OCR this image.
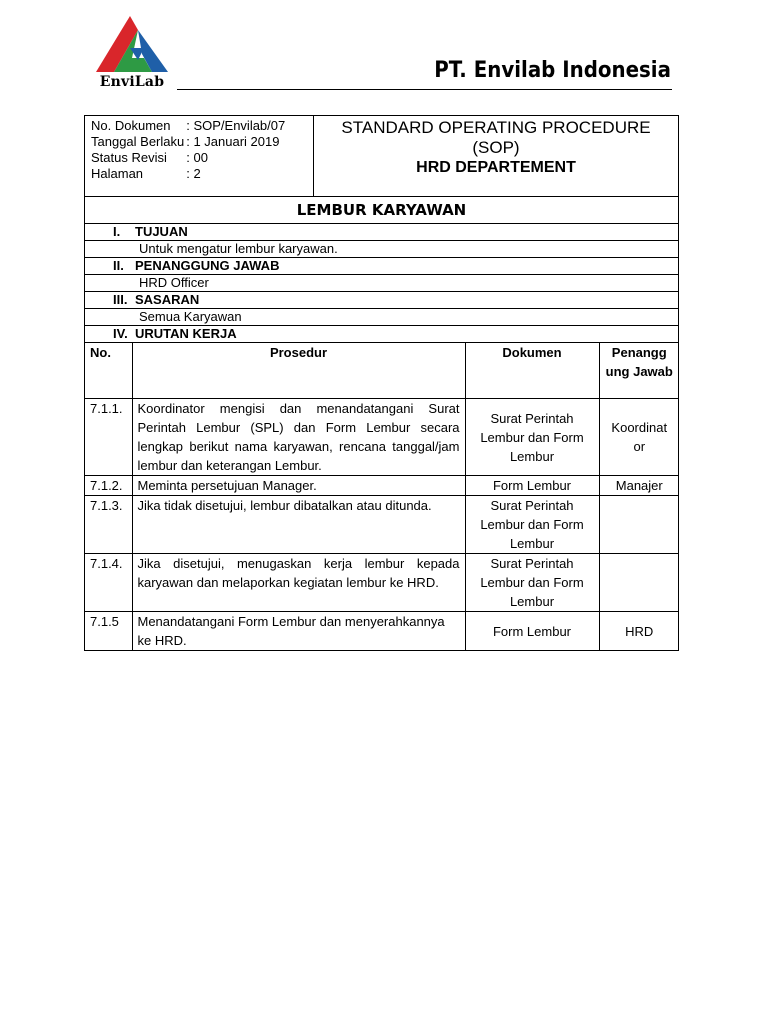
EnviLab	PT. Envilab Indonesia
No. Dokumen	: SOP/Envilab/07
Tanggal Berlaku	: 1 Januari 2019
Status Revisi	: 00
Halaman	: 2

STANDARD OPERATING PROCEDURE
(SOP)
HRD DEPARTEMENT

LEMBUR KARYAWAN
I. TUJUAN
Untuk mengatur lembur karyawan.
II. PENANGGUNG JAWAB
HRD Officer
III. SASARAN
Semua Karyawan
IV. URUTAN KERJA

No.	Prosedur	Dokumen	Penangg ung Jawab
7.1.1.	Koordinator mengisi dan menandatangani Surat Perintah Lembur (SPL) dan Form Lembur secara lengkap berikut nama karyawan, rencana tanggal/jam lembur dan keterangan Lembur.	Surat Perintah Lembur dan Form Lembur	Koordinat or
7.1.2.	Meminta persetujuan Manager.	Form Lembur	Manajer
7.1.3.	Jika tidak disetujui, lembur dibatalkan atau ditunda.	Surat Perintah Lembur dan Form Lembur	
7.1.4.	Jika disetujui, menugaskan kerja lembur kepada karyawan dan melaporkan kegiatan lembur ke HRD.	Surat Perintah Lembur dan Form Lembur	
7.1.5	Menandatangani Form Lembur dan menyerahkannya ke HRD.	Form Lembur	HRD
